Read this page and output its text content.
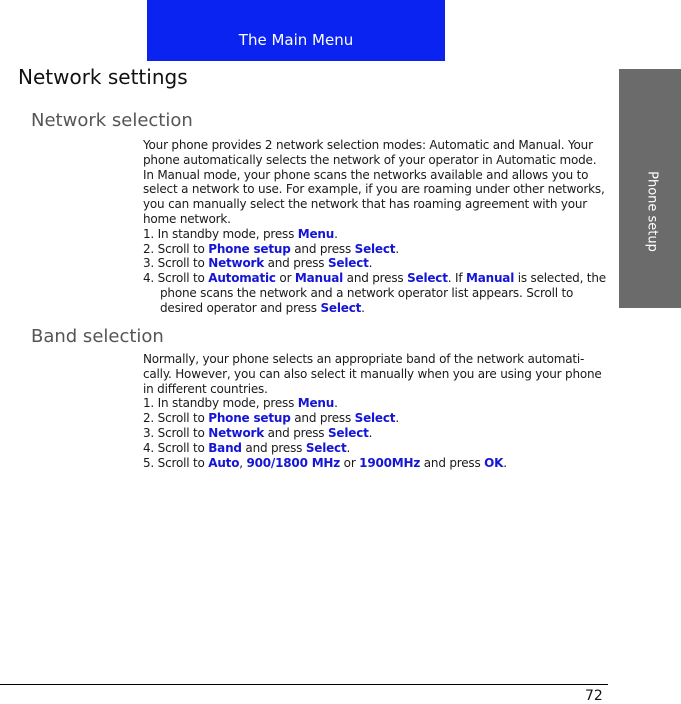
The Main Menu
Phone setup
Network settings
Network selection

Your phone provides 2 network selection modes: Automatic and Manual. Your phone automatically selects the network of your operator in Automatic mode. In Manual mode, your phone scans the networks available and allows you to select a network to use. For example, if you are roaming under other networks, you can manually select the network that has roaming agreement with your home network.

1. In standby mode, press Menu.

2. Scroll to Phone setup and press Select.

3. Scroll to Network and press Select.

4. Scroll to Automatic or Manual and press Select. If Manual is selected, the phone scans the network and a network operator list appears. Scroll to desired operator and press Select.

Band selection

Normally, your phone selects an appropriate band of the network automati-cally. However, you can also select it manually when you are using your phone in different countries.

1. In standby mode, press Menu.

2. Scroll to Phone setup and press Select.

3. Scroll to Network and press Select.

4. Scroll to Band and press Select.

5. Scroll to Auto, 900/1800 MHz or 1900MHz and press OK.

72
